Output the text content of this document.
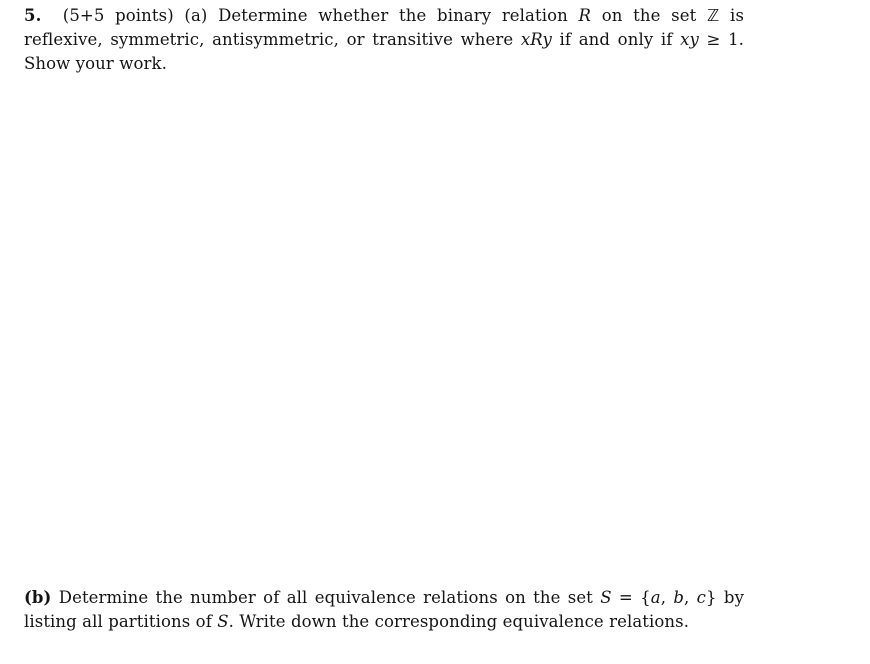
5.  (5+5 points) (a) Determine whether the binary relation R on the set ℤ is reflexive, symmetric, antisymmetric, or transitive where xRy if and only if xy ≥ 1. Show your work.

(b) Determine the number of all equivalence relations on the set S = {a, b, c} by listing all partitions of S. Write down the corresponding equivalence relations.
